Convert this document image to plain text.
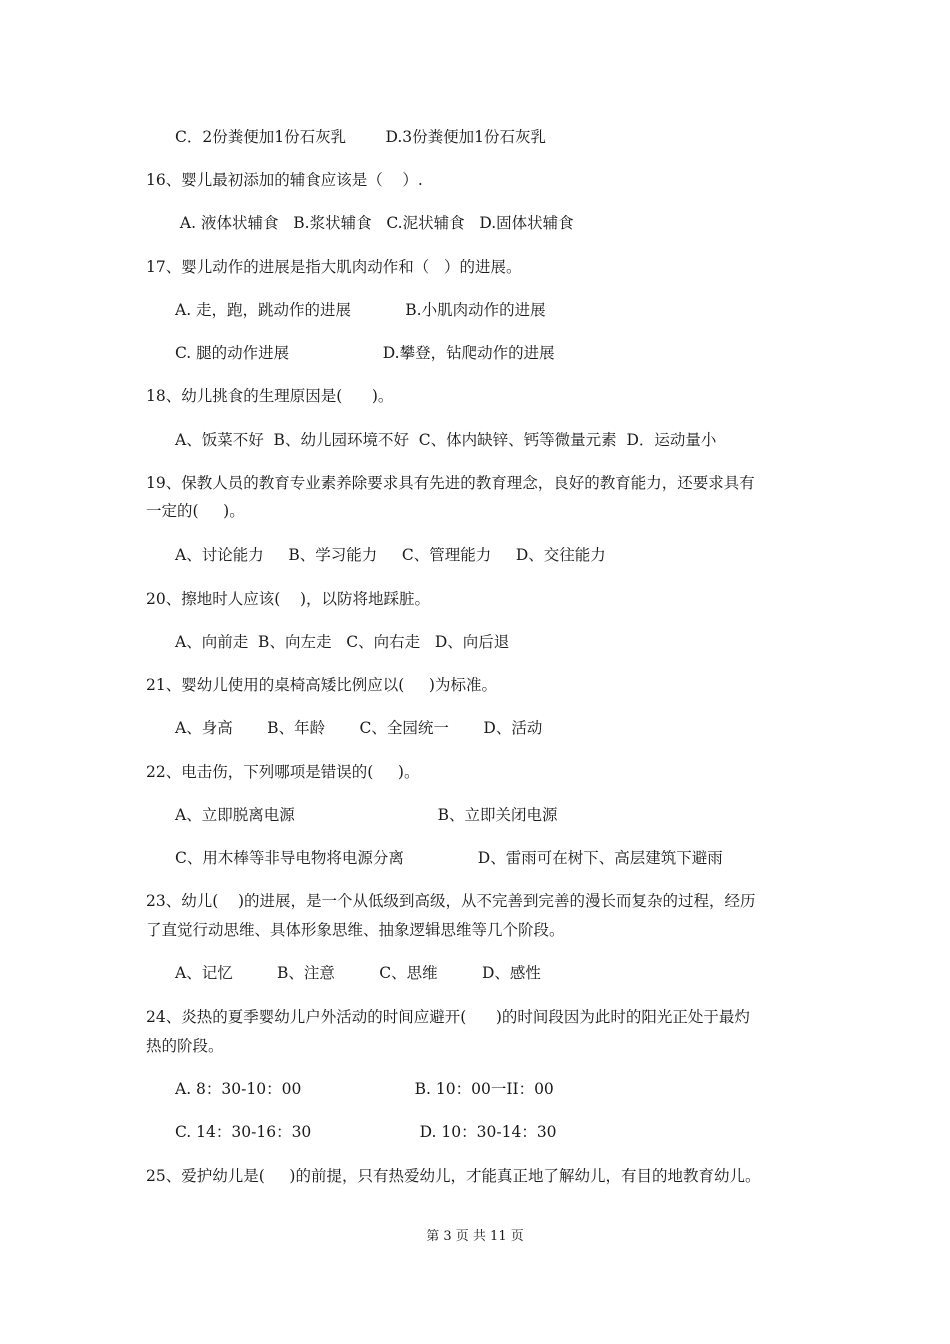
C．2份粪便加1份石灰乳        D.3份粪便加1份石灰乳
16、婴儿最初添加的辅食应该是（    ）.
A. 液体状辅食   B.浆状辅食   C.泥状辅食   D.固体状辅食
17、婴儿动作的进展是指大肌肉动作和（   ）的进展。
A. 走，跑，跳动作的进展           B.小肌肉动作的进展
C. 腿的动作进展                   D.攀登，钻爬动作的进展
18、幼儿挑食的生理原因是(      )。
A、饭菜不好  B、幼儿园环境不好  C、体内缺锌、钙等微量元素  D．运动量小
19、保教人员的教育专业素养除要求具有先进的教育理念，良好的教育能力，还要求具有
一定的(     )。
A、讨论能力     B、学习能力     C、管理能力     D、交往能力
20、擦地时人应该(    )，以防将地踩脏。
A、向前走  B、向左走   C、向右走   D、向后退
21、婴幼儿使用的桌椅高矮比例应以(     )为标准。
A、身高       B、年龄       C、全园统一       D、活动
22、电击伤，下列哪项是错误的(     )。
A、立即脱离电源                             B、立即关闭电源
C、用木棒等非导电物将电源分离               D、雷雨可在树下、高层建筑下避雨
23、幼儿(    )的进展，是一个从低级到高级，从不完善到完善的漫长而复杂的过程，经历
了直觉行动思维、具体形象思维、抽象逻辑思维等几个阶段。
A、记忆         B、注意         C、思维         D、感性
24、炎热的夏季婴幼儿户外活动的时间应避开(      )的时间段因为此时的阳光正处于最灼
热的阶段。
A. 8：30-10：00                       B. 10：00一II：00
C. 14：30-16：30                      D. 10：30-14：30
25、爱护幼儿是(     )的前提，只有热爱幼儿，才能真正地了解幼儿，有目的地教育幼儿。
第 3 页 共 11 页
